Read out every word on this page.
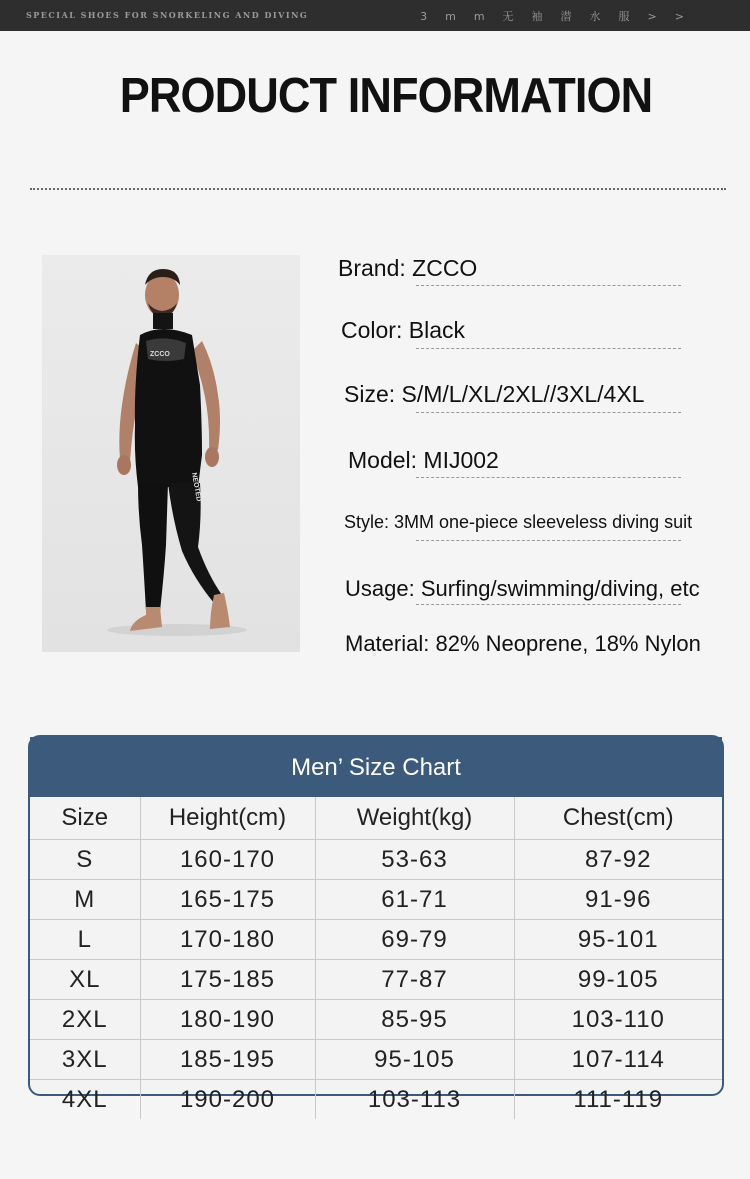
SPECIAL SHOES FOR SNORKELING AND DIVING	3mm无袖潜水服>>
PRODUCT INFORMATION
ZCCO
NEOTED
Brand: ZCCO
Color: Black
Size: S/M/L/XL/2XL//3XL/4XL
Model: MIJ002
Style: 3MM one-piece sleeveless diving suit
Usage: Surfing/swimming/diving, etc
Material: 82% Neoprene, 18% Nylon
Men’ Size Chart
Size	Height(cm)	Weight(kg)	Chest(cm)
S	160-170	53-63	87-92
M	165-175	61-71	91-96
L	170-180	69-79	95-101
XL	175-185	77-87	99-105
2XL	180-190	85-95	103-110
3XL	185-195	95-105	107-114
4XL	190-200	103-113	111-119
